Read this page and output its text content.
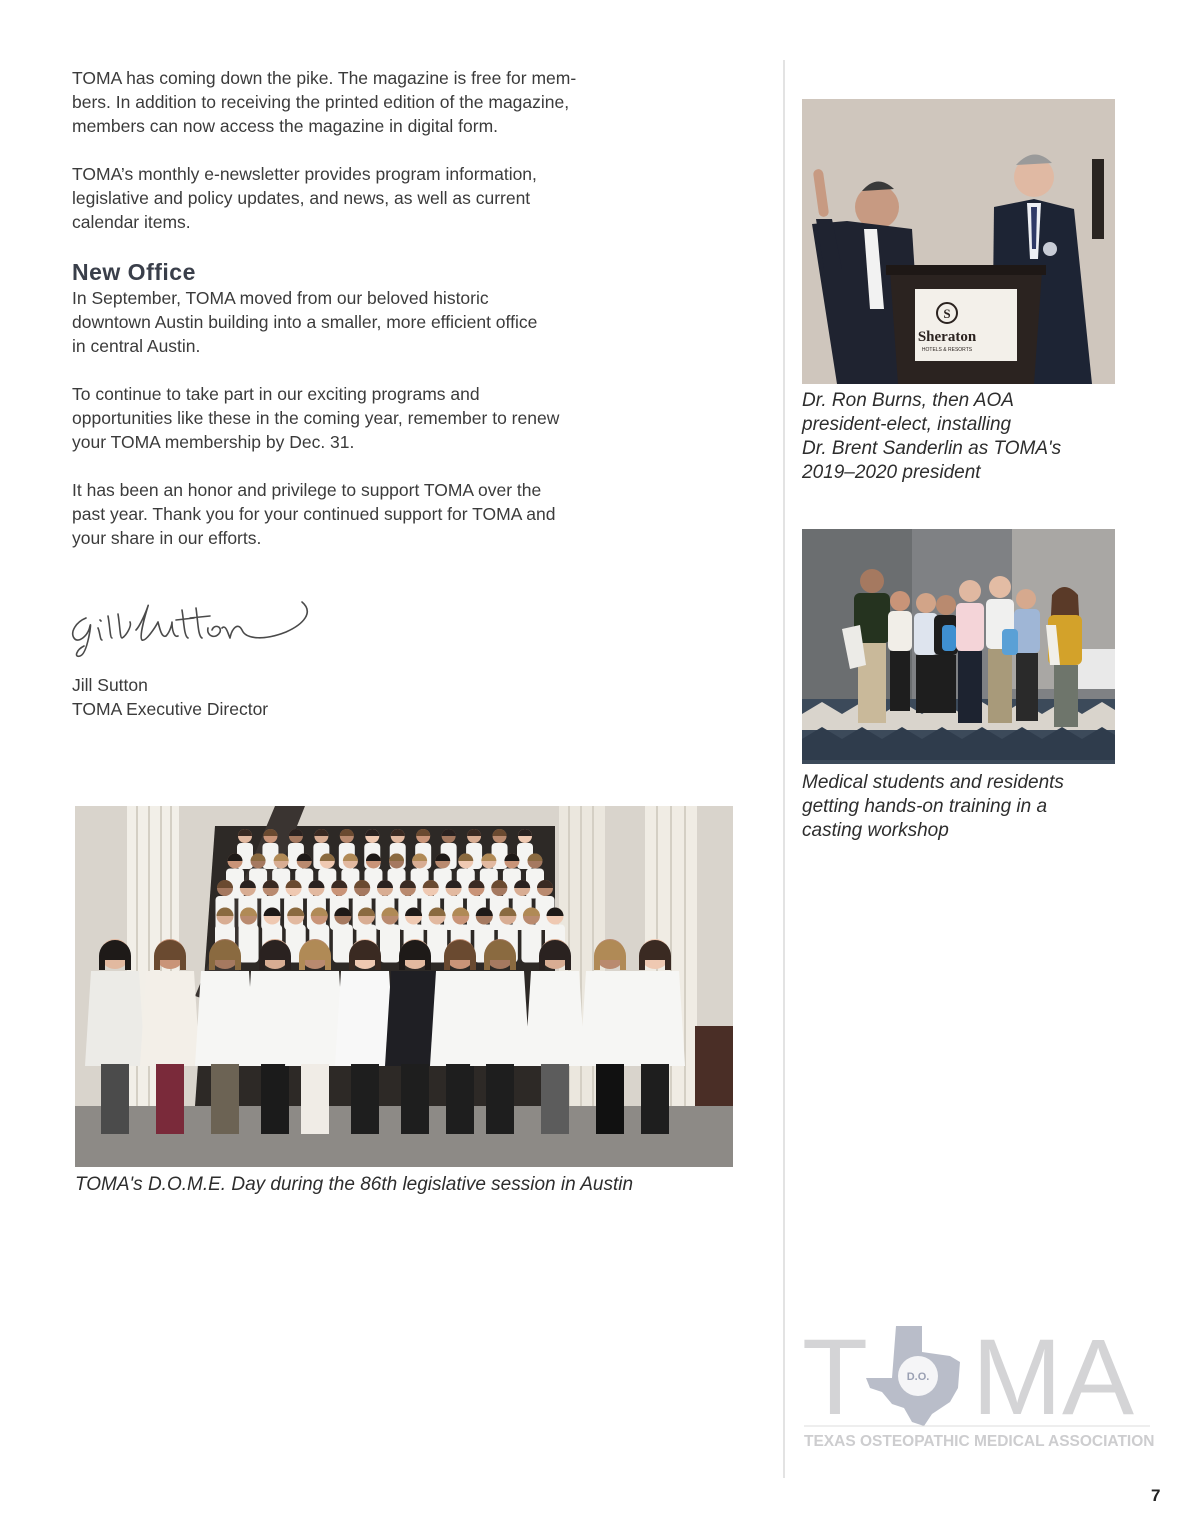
TOMA has coming down the pike. The magazine is free for mem-
bers. In addition to receiving the printed edition of the magazine,
members can now access the magazine in digital form.

TOMA’s monthly e-newsletter provides program information,
legislative and policy updates, and news, as well as current
calendar items.

New Office

In September, TOMA moved from our beloved historic
downtown Austin building into a smaller, more efficient office
in central Austin.

To continue to take part in our exciting programs and
opportunities like these in the coming year, remember to renew
your TOMA membership by Dec. 31.

It has been an honor and privilege to support TOMA over the
past year. Thank you for your continued support for TOMA and
your share in our efforts.

Jill Sutton
TOMA Executive Director
S
Sheraton
HOTELS & RESORTS
Dr. Ron Burns, then AOA
president-elect, installing
Dr. Brent Sanderlin as TOMA's
2019–2020 president
Medical students and residents
getting hands-on training in a
casting workshop
TOMA's D.O.M.E. Day during the 86th legislative session in Austin
T	D.O. MA
TEXAS OSTEOPATHIC MEDICAL ASSOCIATION
7
